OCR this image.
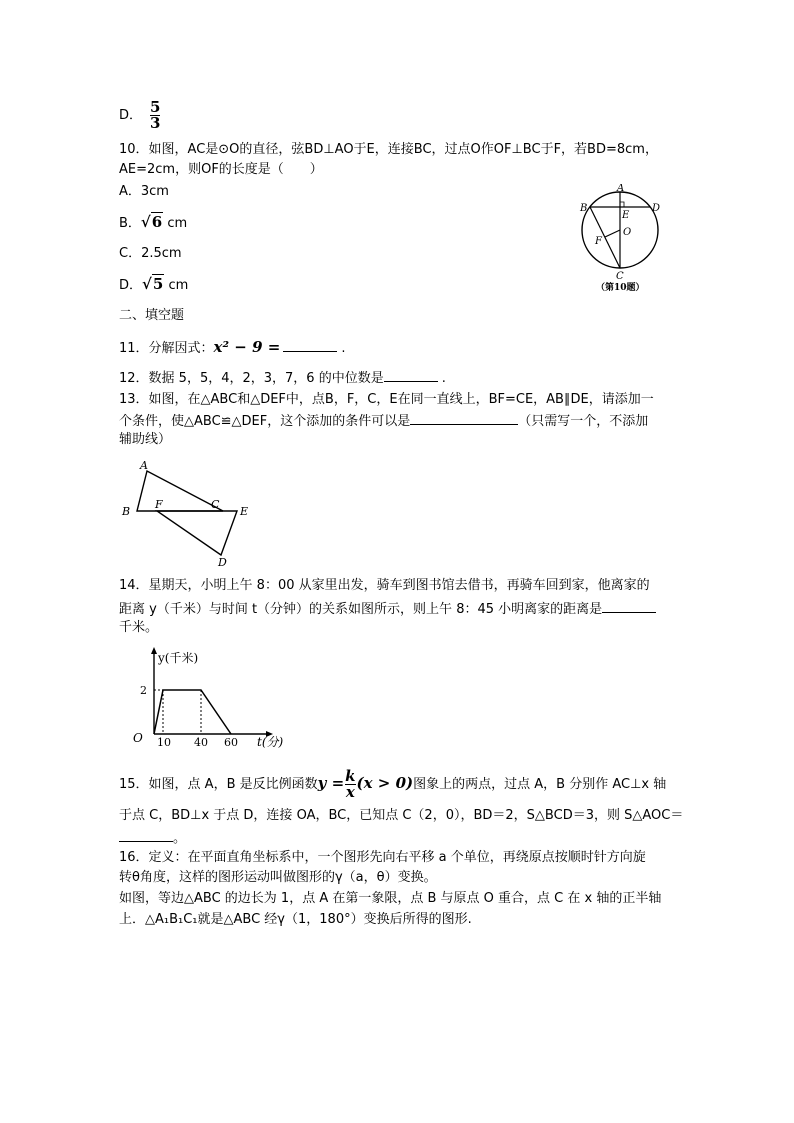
D． $\frac{5}{3}$
10．如图，AC是⊙O的直径，弦BD⊥AO于E，连接BC，过点O作OF⊥BC于F，若BD=8cm，
AE=2cm，则OF的长度是（　　）
A．3cm
B．√6 cm
C．2.5cm
D．√5 cm
A
B	D
E
O
F
C
（第10题）
二、填空题
11．分解因式：x² − 9 =	.
12．数据 5，5，4，2，3，7，6 的中位数是	.
13．如图，在△ABC和△DEF中，点B，F，C，E在同一直线上，BF=CE，AB∥DE，请添加一
个条件，使△ABC≌△DEF，这个添加的条件可以是	（只需写一个，不添加
辅助线）
A
B
F	C
E
D
14．星期天，小明上午 8：00 从家里出发，骑车到图书馆去借书，再骑车回到家，他离家的
距离 y（千米）与时间 t（分钟）的关系如图所示，则上午 8：45 小明离家的距离是
千米。
y(千米)
t(分)
O
2
10 40 60
15．如图，点 A，B 是反比例函数$y = \frac{k}{x} (x > 0)$图象上的两点，过点 A，B 分别作 AC⊥x 轴
于点 C，BD⊥x 于点 D，连接 OA，BC，已知点 C（2，0），BD＝2，S△BCD＝3，则 S△AOC＝
。
16．定义：在平面直角坐标系中，一个图形先向右平移 a 个单位，再绕原点按顺时针方向旋
转θ角度，这样的图形运动叫做图形的γ（a，θ）变换。
如图，等边△ABC 的边长为 1，点 A 在第一象限，点 B 与原点 O 重合，点 C 在 x 轴的正半轴
上．△A₁B₁C₁就是△ABC 经γ（1，180°）变换后所得的图形.
